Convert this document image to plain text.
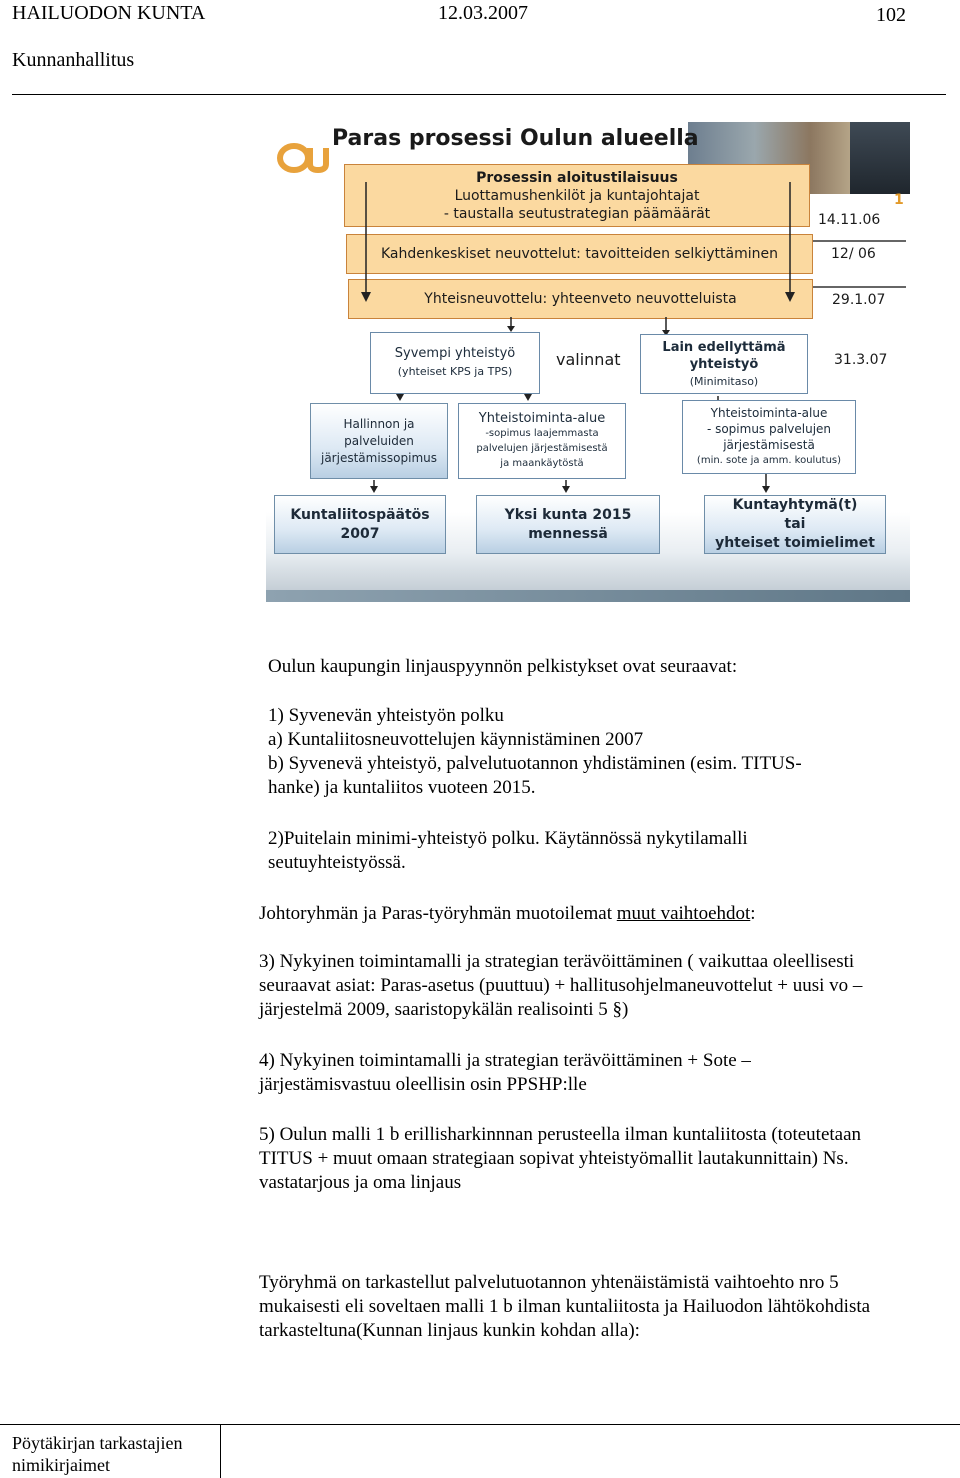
HAILUODON KUNTA	12.03.2007	102
Kunnanhallitus
Paras prosessi Oulun alueella
1
Prosessin aloitustilaisuus
Luottamushenkilöt ja kuntajohtajat
- taustalla seutustrategian päämäärät
Kahdenkeskiset neuvottelut: tavoitteiden selkiyttäminen
Yhteisneuvottelu: yhteenveto neuvotteluista
14.11.06
12/ 06
29.1.07
31.3.07
Syvempi yhteistyö
(yhteiset KPS ja TPS)
valinnat
Lain edellyttämä
yhteistyö
(Minimitaso)
Hallinnon ja
palveluiden
järjestämissopimus
Yhteistoiminta-alue
-sopimus laajemmasta
palvelujen järjestämisestä
ja maankäytöstä
Yhteistoiminta-alue
- sopimus palvelujen
järjestämisestä
(min. sote ja amm. koulutus)
Kuntaliitospäätös
2007
Yksi kunta 2015
mennessä
Kuntayhtymä(t)
tai
yhteiset toimielimet
Oulun kaupungin linjauspyynnön pelkistykset ovat seuraavat:
1) Syvenevän yhteistyön polku
a) Kuntaliitosneuvottelujen käynnistäminen 2007
b) Syvenevä yhteistyö, palvelutuotannon yhdistäminen (esim. TITUS-
hanke) ja kuntaliitos vuoteen 2015.
2)Puitelain minimi-yhteistyö polku. Käytännössä nykytilamalli
seutuyhteistyössä.
Johtoryhmän ja Paras-työryhmän muotoilemat muut vaihtoehdot:
3) Nykyinen toimintamalli ja strategian terävöittäminen ( vaikuttaa oleellisesti
seuraavat asiat: Paras-asetus (puuttuu) + hallitusohjelmaneuvottelut + uusi vo –
järjestelmä 2009, saaristopykälän realisointi 5 §)
4) Nykyinen toimintamalli ja strategian terävöittäminen + Sote –
järjestämisvastuu oleellisin osin PPSHP:lle
5) Oulun malli 1 b erillisharkinnnan perusteella ilman kuntaliitosta (toteutetaan
TITUS + muut omaan strategiaan sopivat yhteistyömallit lautakunnittain) Ns.
vastatarjous ja oma linjaus
Työryhmä on tarkastellut palvelutuotannon yhtenäistämistä vaihtoehto nro 5
mukaisesti eli soveltaen malli 1 b ilman kuntaliitosta ja Hailuodon lähtökohdista
tarkasteltuna(Kunnan linjaus kunkin kohdan alla):
Pöytäkirjan tarkastajien
nimikirjaimet
